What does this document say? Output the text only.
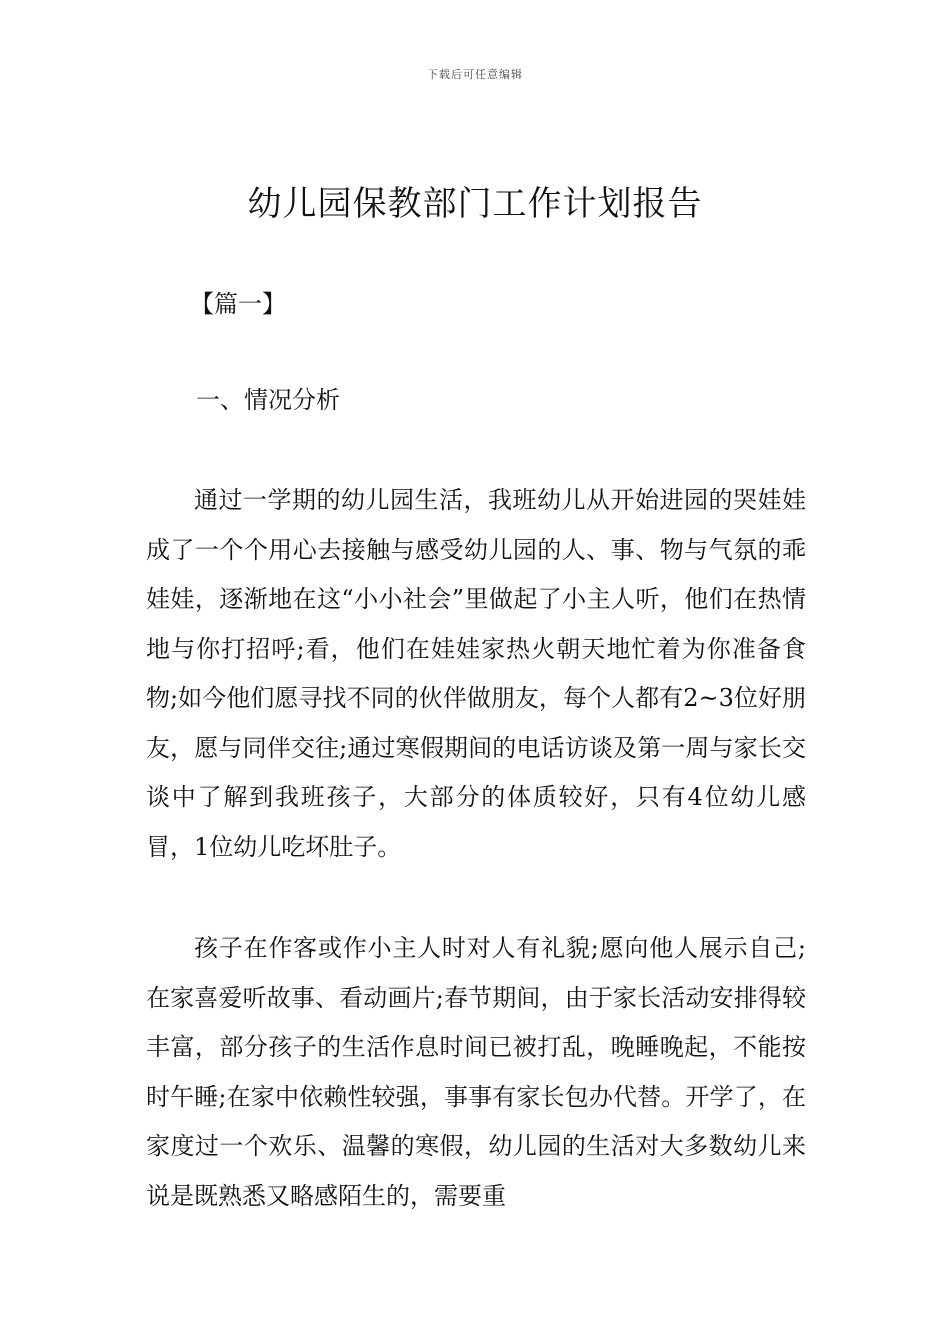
下载后可任意编辑
幼儿园保教部门工作计划报告

【篇一】

一、情况分析

通过一学期的幼儿园生活，我班幼儿从开始进园的哭娃娃成了一个个用心去接触与感受幼儿园的人、事、物与气氛的乖娃娃，逐渐地在这“小小社会”里做起了小主人听，他们在热情地与你打招呼;看，他们在娃娃家热火朝天地忙着为你准备食物;如今他们愿寻找不同的伙伴做朋友，每个人都有2~3位好朋友，愿与同伴交往;通过寒假期间的电话访谈及第一周与家长交谈中了解到我班孩子，大部分的体质较好，只有4位幼儿感冒，1位幼儿吃坏肚子。

孩子在作客或作小主人时对人有礼貌;愿向他人展示自己;在家喜爱听故事、看动画片;春节期间，由于家长活动安排得较丰富，部分孩子的生活作息时间已被打乱，晚睡晚起，不能按时午睡;在家中依赖性较强，事事有家长包办代替。开学了，在家度过一个欢乐、温馨的寒假，幼儿园的生活对大多数幼儿来说是既熟悉又略感陌生的，需要重
